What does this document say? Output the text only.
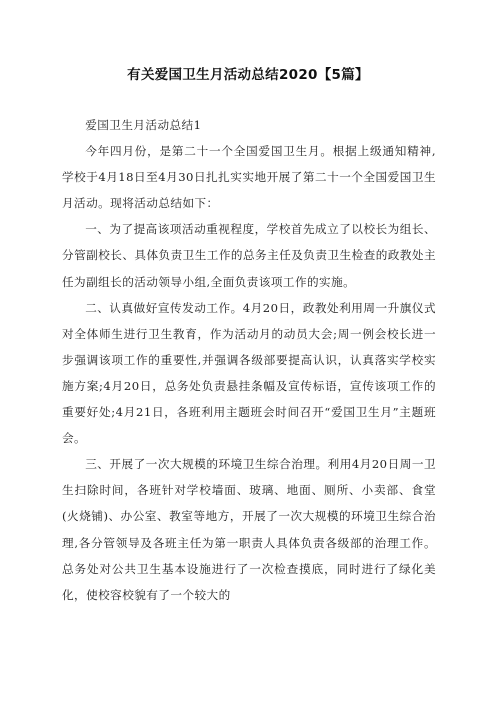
有关爱国卫生月活动总结2020【5篇】

爱国卫生月活动总结1

今年四月份，是第二十一个全国爱国卫生月。根据上级通知精神,学校于4月18日至4月30日扎扎实实地开展了第二十一个全国爱国卫生月活动。现将活动总结如下：

一、为了提高该项活动重视程度，学校首先成立了以校长为组长、分管副校长、具体负责卫生工作的总务主任及负责卫生检查的政教处主任为副组长的活动领导小组,全面负责该项工作的实施。

二、认真做好宣传发动工作。4月20日，政教处利用周一升旗仪式对全体师生进行卫生教育，作为活动月的动员大会;周一例会校长进一步强调该项工作的重要性,并强调各级部要提高认识，认真落实学校实施方案;4月20日，总务处负责悬挂条幅及宣传标语，宣传该项工作的重要好处;4月21日，各班利用主题班会时间召开“爱国卫生月”主题班会。

三、开展了一次大规模的环境卫生综合治理。利用4月20日周一卫生扫除时间，各班针对学校墙面、玻璃、地面、厕所、小卖部、食堂(火烧铺)、办公室、教室等地方，开展了一次大规模的环境卫生综合治理,各分管领导及各班主任为第一职责人具体负责各级部的治理工作。总务处对公共卫生基本设施进行了一次检查摸底，同时进行了绿化美化，使校容校貌有了一个较大的
